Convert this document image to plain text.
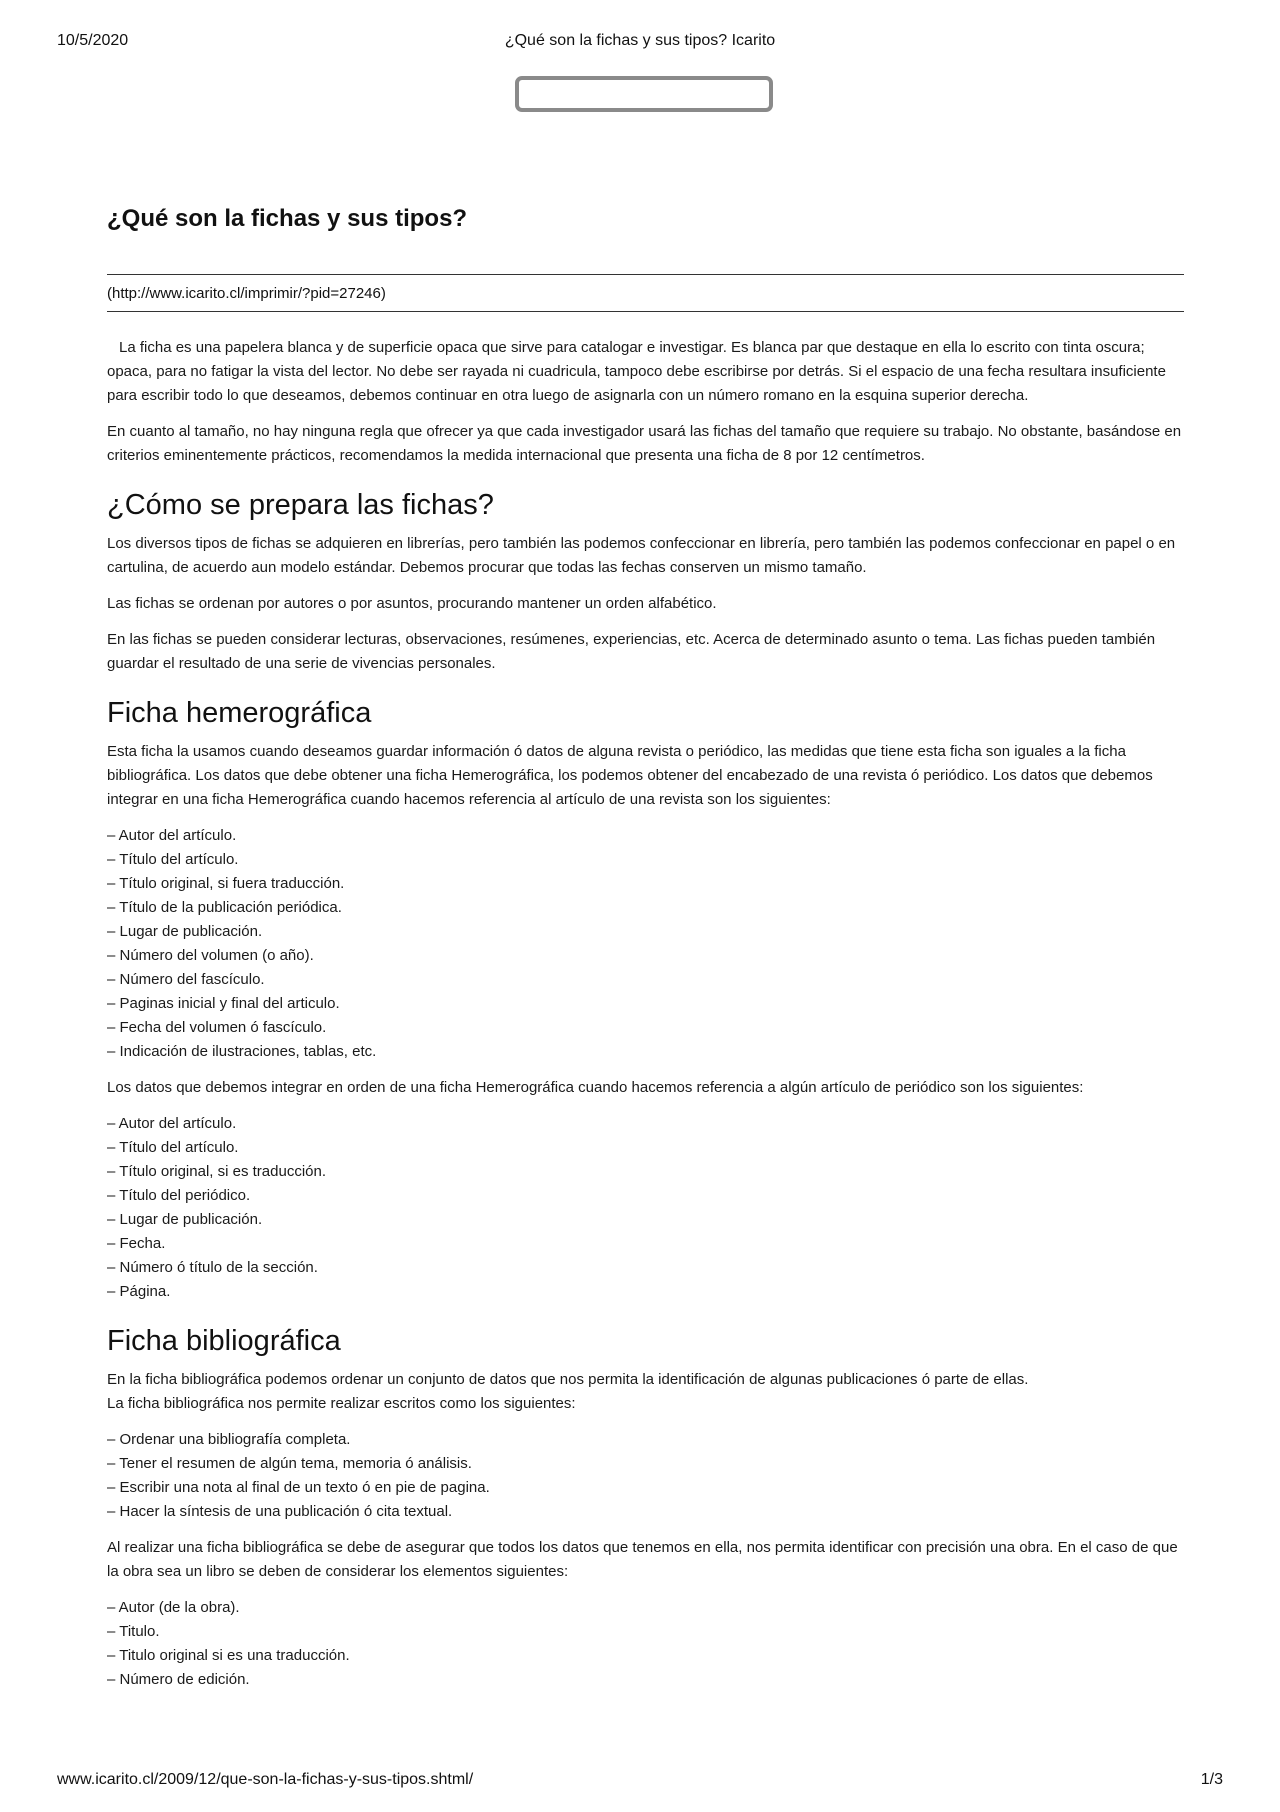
10/5/2020	¿Qué son la fichas y sus tipos? Icarito
¿Qué son la fichas y sus tipos?
(http://www.icarito.cl/imprimir/?pid=27246)

La ficha es una papelera blanca y de superficie opaca que sirve para catalogar e investigar. Es blanca par que destaque en ella lo escrito con tinta oscura; opaca, para no fatigar la vista del lector. No debe ser rayada ni cuadricula, tampoco debe escribirse por detrás. Si el espacio de una fecha resultara insuficiente para escribir todo lo que deseamos, debemos continuar en otra luego de asignarla con un número romano en la esquina superior derecha.

En cuanto al tamaño, no hay ninguna regla que ofrecer ya que cada investigador usará las fichas del tamaño que requiere su trabajo. No obstante, basándose en criterios eminentemente prácticos, recomendamos la medida internacional que presenta una ficha de 8 por 12 centímetros.

¿Cómo se prepara las fichas?

Los diversos tipos de fichas se adquieren en librerías, pero también las podemos confeccionar en librería, pero también las podemos confeccionar en papel o en cartulina, de acuerdo aun modelo estándar. Debemos procurar que todas las fechas conserven un mismo tamaño.

Las fichas se ordenan por autores o por asuntos, procurando mantener un orden alfabético.

En las fichas se pueden considerar lecturas, observaciones, resúmenes, experiencias, etc. Acerca de determinado asunto o tema. Las fichas pueden también guardar el resultado de una serie de vivencias personales.

Ficha hemerográfica

Esta ficha la usamos cuando deseamos guardar información ó datos de alguna revista o periódico, las medidas que tiene esta ficha son iguales a la ficha bibliográfica. Los datos que debe obtener una ficha Hemerográfica, los podemos obtener del encabezado de una revista ó periódico. Los datos que debemos integrar en una ficha Hemerográfica cuando hacemos referencia al artículo de una revista son los siguientes:

– Autor del artículo.
– Título del artículo.
– Título original, si fuera traducción.
– Título de la publicación periódica.
– Lugar de publicación.
– Número del volumen (o año).
– Número del fascículo.
– Paginas inicial y final del articulo.
– Fecha del volumen ó fascículo.
– Indicación de ilustraciones, tablas, etc.

Los datos que debemos integrar en orden de una ficha Hemerográfica cuando hacemos referencia a algún artículo de periódico son los siguientes:

– Autor del artículo.
– Título del artículo.
– Título original, si es traducción.
– Título del periódico.
– Lugar de publicación.
– Fecha.
– Número ó título de la sección.
– Página.
Ficha bibliográfica

En la ficha bibliográfica podemos ordenar un conjunto de datos que nos permita la identificación de algunas publicaciones ó parte de ellas.

La ficha bibliográfica nos permite realizar escritos como los siguientes:

– Ordenar una bibliografía completa.
– Tener el resumen de algún tema, memoria ó análisis.
– Escribir una nota al final de un texto ó en pie de pagina.
– Hacer la síntesis de una publicación ó cita textual.

Al realizar una ficha bibliográfica se debe de asegurar que todos los datos que tenemos en ella, nos permita identificar con precisión una obra. En el caso de que la obra sea un libro se deben de considerar los elementos siguientes:

– Autor (de la obra).
– Titulo.
– Titulo original si es una traducción.
– Número de edición.
www.icarito.cl/2009/12/que-son-la-fichas-y-sus-tipos.shtml/	1/3
